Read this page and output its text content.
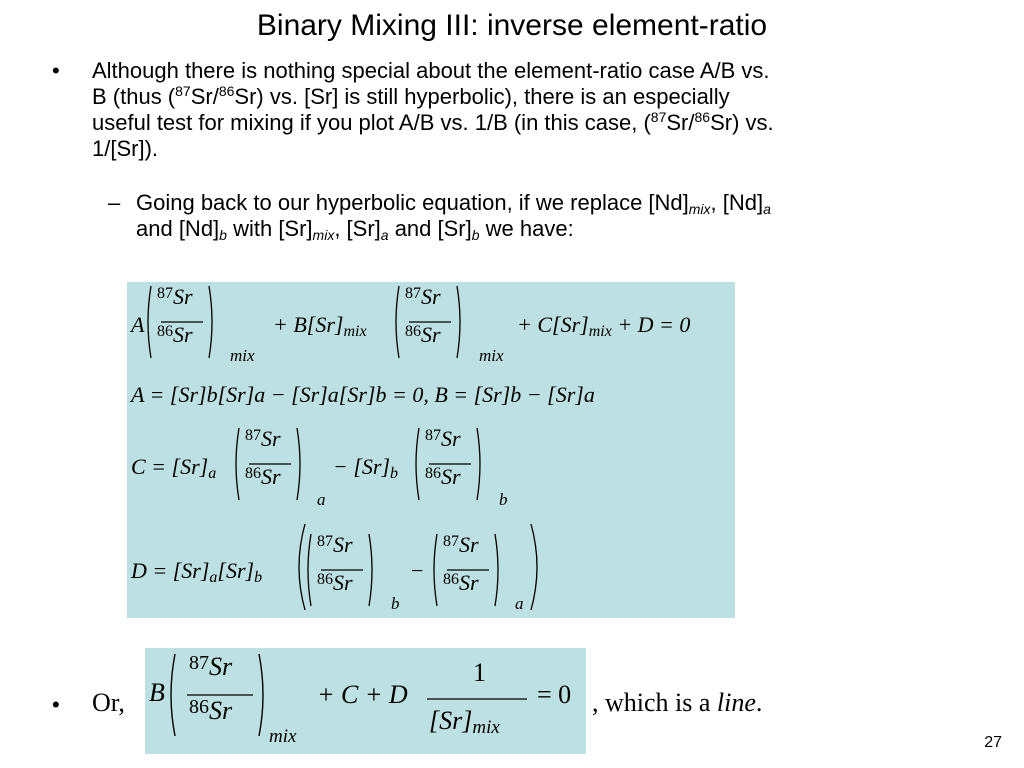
Binary Mixing III: inverse element-ratio
• Although there is nothing special about the element-ratio case A/B vs.
B (thus ($^{87}$Sr/$^{86}$Sr) vs. [Sr] is still hyperbolic), there is an especially
useful test for mixing if you plot A/B vs. 1/B (in this case, ($^{87}$Sr/$^{86}$Sr) vs.
1/[Sr]).
– Going back to our hyperbolic equation, if we replace $[Nd]_{mix}$, $[Nd]_a$
and $[Nd]_b$ with $[Sr]_{mix}$, $[Sr]_a$ and $[Sr]_b$ we have:
A
87Sr
86Sr
mix
+ $B[Sr]_{mix}$
87Sr
86Sr
mix
+ $C[Sr]_{mix} + D = 0$
A = [Sr]b[Sr]a − [Sr]a[Sr]b = 0, B = [Sr]b − [Sr]a
$C = [Sr]_a$
87Sr
86Sr
a
− $[Sr]_b$
87Sr
86Sr
b
$D = [Sr]_a[Sr]_b$
87Sr
86Sr
b
−
87Sr
86Sr
a
• Or, B
87Sr
86Sr
mix
+ C + D
1
$[Sr]_{mix}$
= 0 , which is a line.
27
